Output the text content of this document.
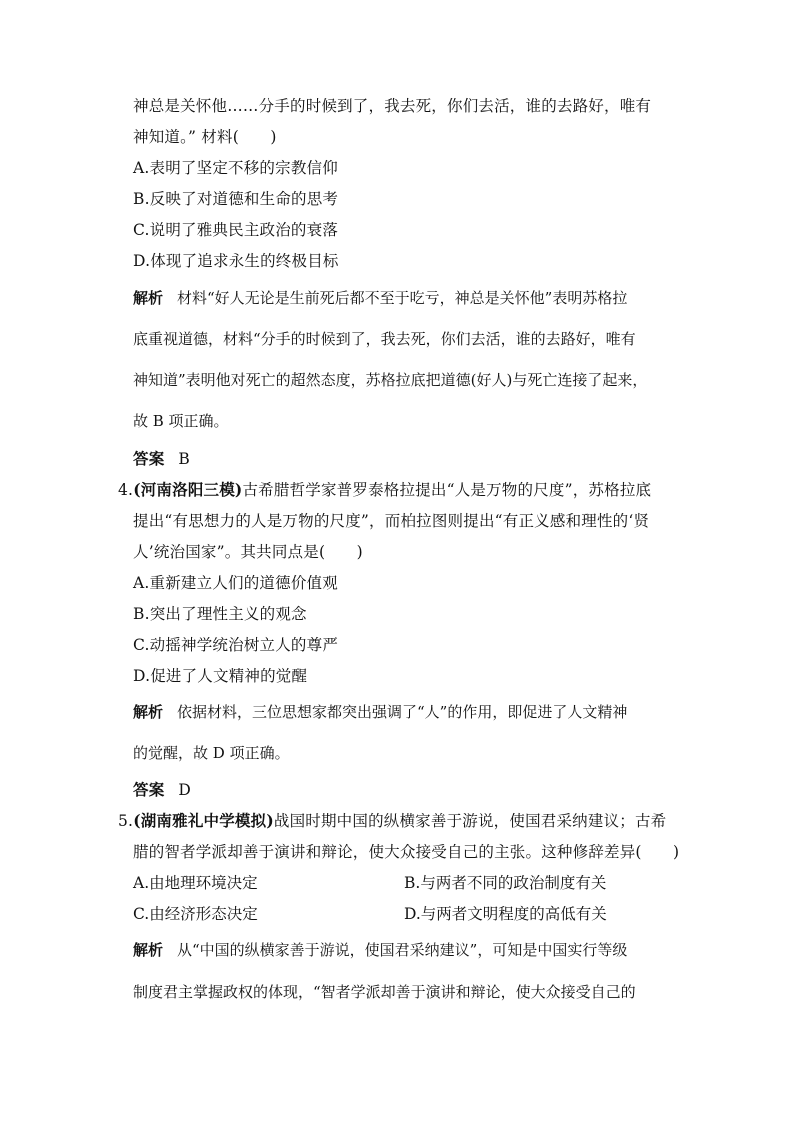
神总是关怀他……分手的时候到了，我去死，你们去活，谁的去路好，唯有
神知道。” 材料(　　)
A.表明了坚定不移的宗教信仰
B.反映了对道德和生命的思考
C.说明了雅典民主政治的衰落
D.体现了追求永生的终极目标
解析 材料“好人无论是生前死后都不至于吃亏，神总是关怀他”表明苏格拉
底重视道德，材料“分手的时候到了，我去死，你们去活，谁的去路好，唯有
神知道”表明他对死亡的超然态度，苏格拉底把道德(好人)与死亡连接了起来，
故 B 项正确。
答案 B
4.(河南洛阳三模)古希腊哲学家普罗泰格拉提出“人是万物的尺度”，苏格拉底
提出“有思想力的人是万物的尺度”，而柏拉图则提出“有正义感和理性的‘贤
人’统治国家”。其共同点是(　　)
A.重新建立人们的道德价值观
B.突出了理性主义的观念
C.动摇神学统治树立人的尊严
D.促进了人文精神的觉醒
解析 依据材料，三位思想家都突出强调了“人”的作用，即促进了人文精神
的觉醒，故 D 项正确。
答案 D
5.(湖南雅礼中学模拟)战国时期中国的纵横家善于游说，使国君采纳建议；古希
腊的智者学派却善于演讲和辩论，使大众接受自己的主张。这种修辞差异(　　)
A.由地理环境决定	B.与两者不同的政治制度有关
C.由经济形态决定	D.与两者文明程度的高低有关
解析 从“中国的纵横家善于游说，使国君采纳建议”，可知是中国实行等级
制度君主掌握政权的体现，“智者学派却善于演讲和辩论，使大众接受自己的
